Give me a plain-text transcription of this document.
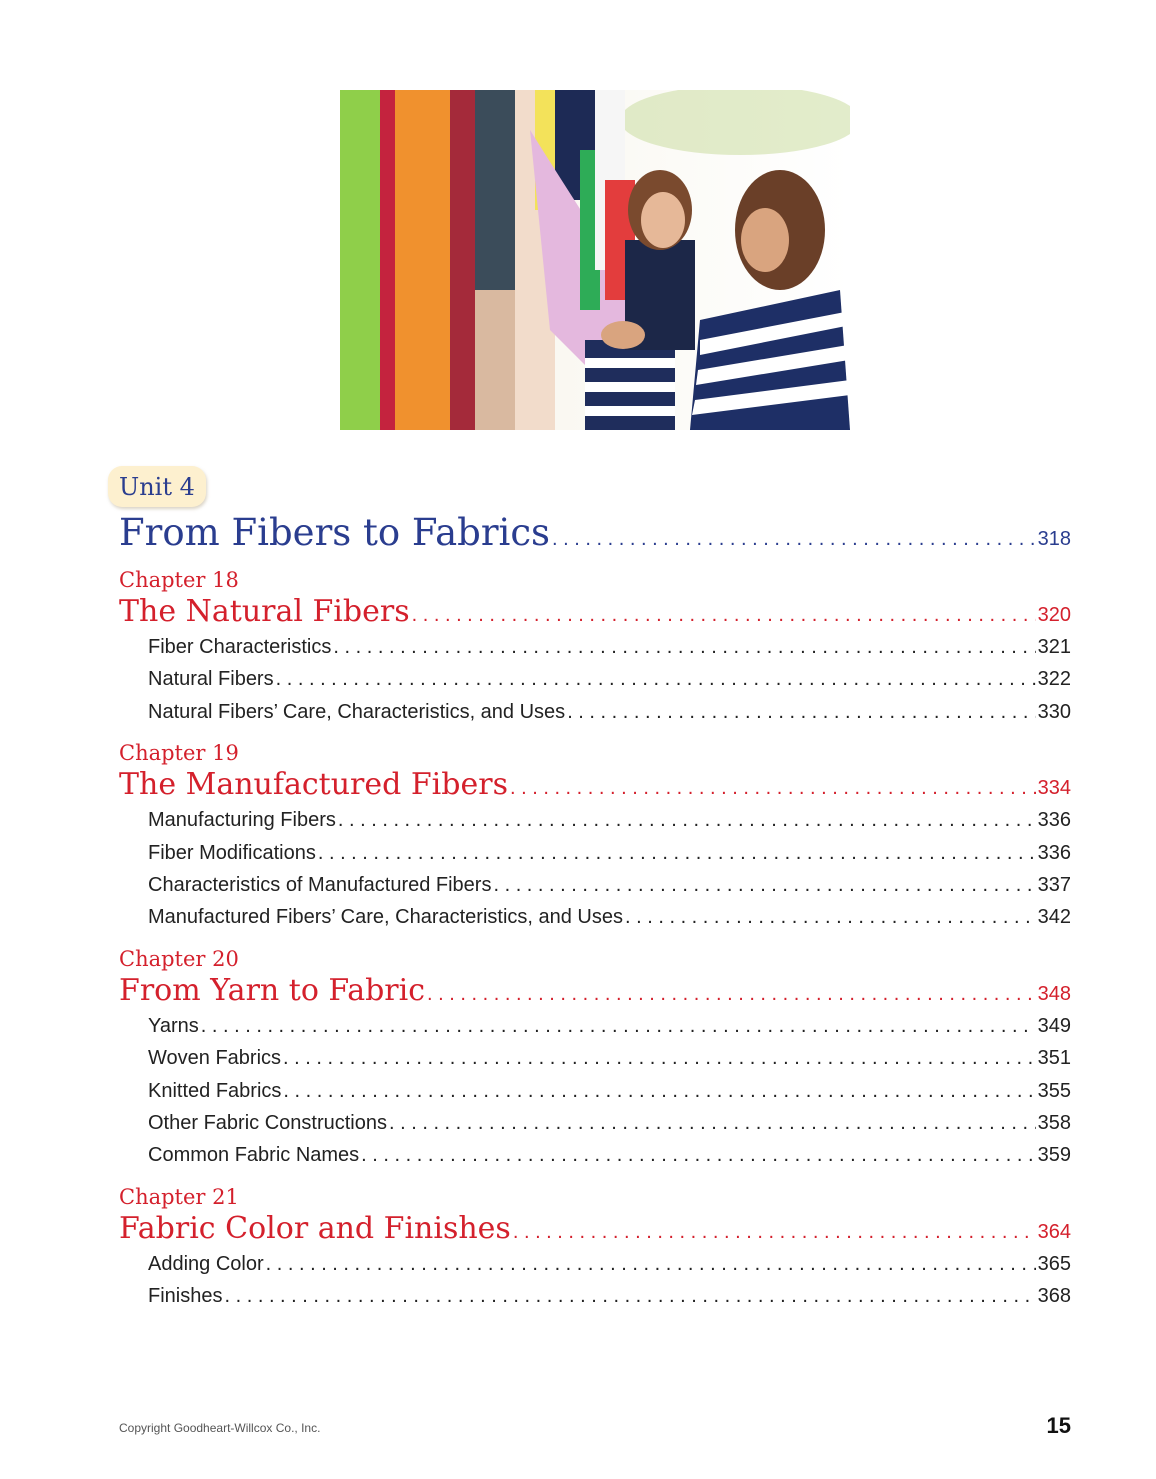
Unit 4
From Fibers to Fabrics . . .	318
Chapter 18
The Natural Fibers . . .	320
Fiber Characteristics . . .	321
Natural Fibers . . .	322
Natural Fibers’ Care, Characteristics, and Uses . . .	330
Chapter 19
The Manufactured Fibers . . .	334
Manufacturing Fibers . . .	336
Fiber Modifications . . .	336
Characteristics of Manufactured Fibers . . .	337
Manufactured Fibers’ Care, Characteristics, and Uses . . .	342
Chapter 20
From Yarn to Fabric . . .	348
Yarns . . .	349
Woven Fabrics . . .	351
Knitted Fabrics . . .	355
Other Fabric Constructions . . .	358
Common Fabric Names . . .	359
Chapter 21
Fabric Color and Finishes . . .	364
Adding Color . . .	365
Finishes . . .	368
Copyright Goodheart-Willcox Co., Inc.	15
